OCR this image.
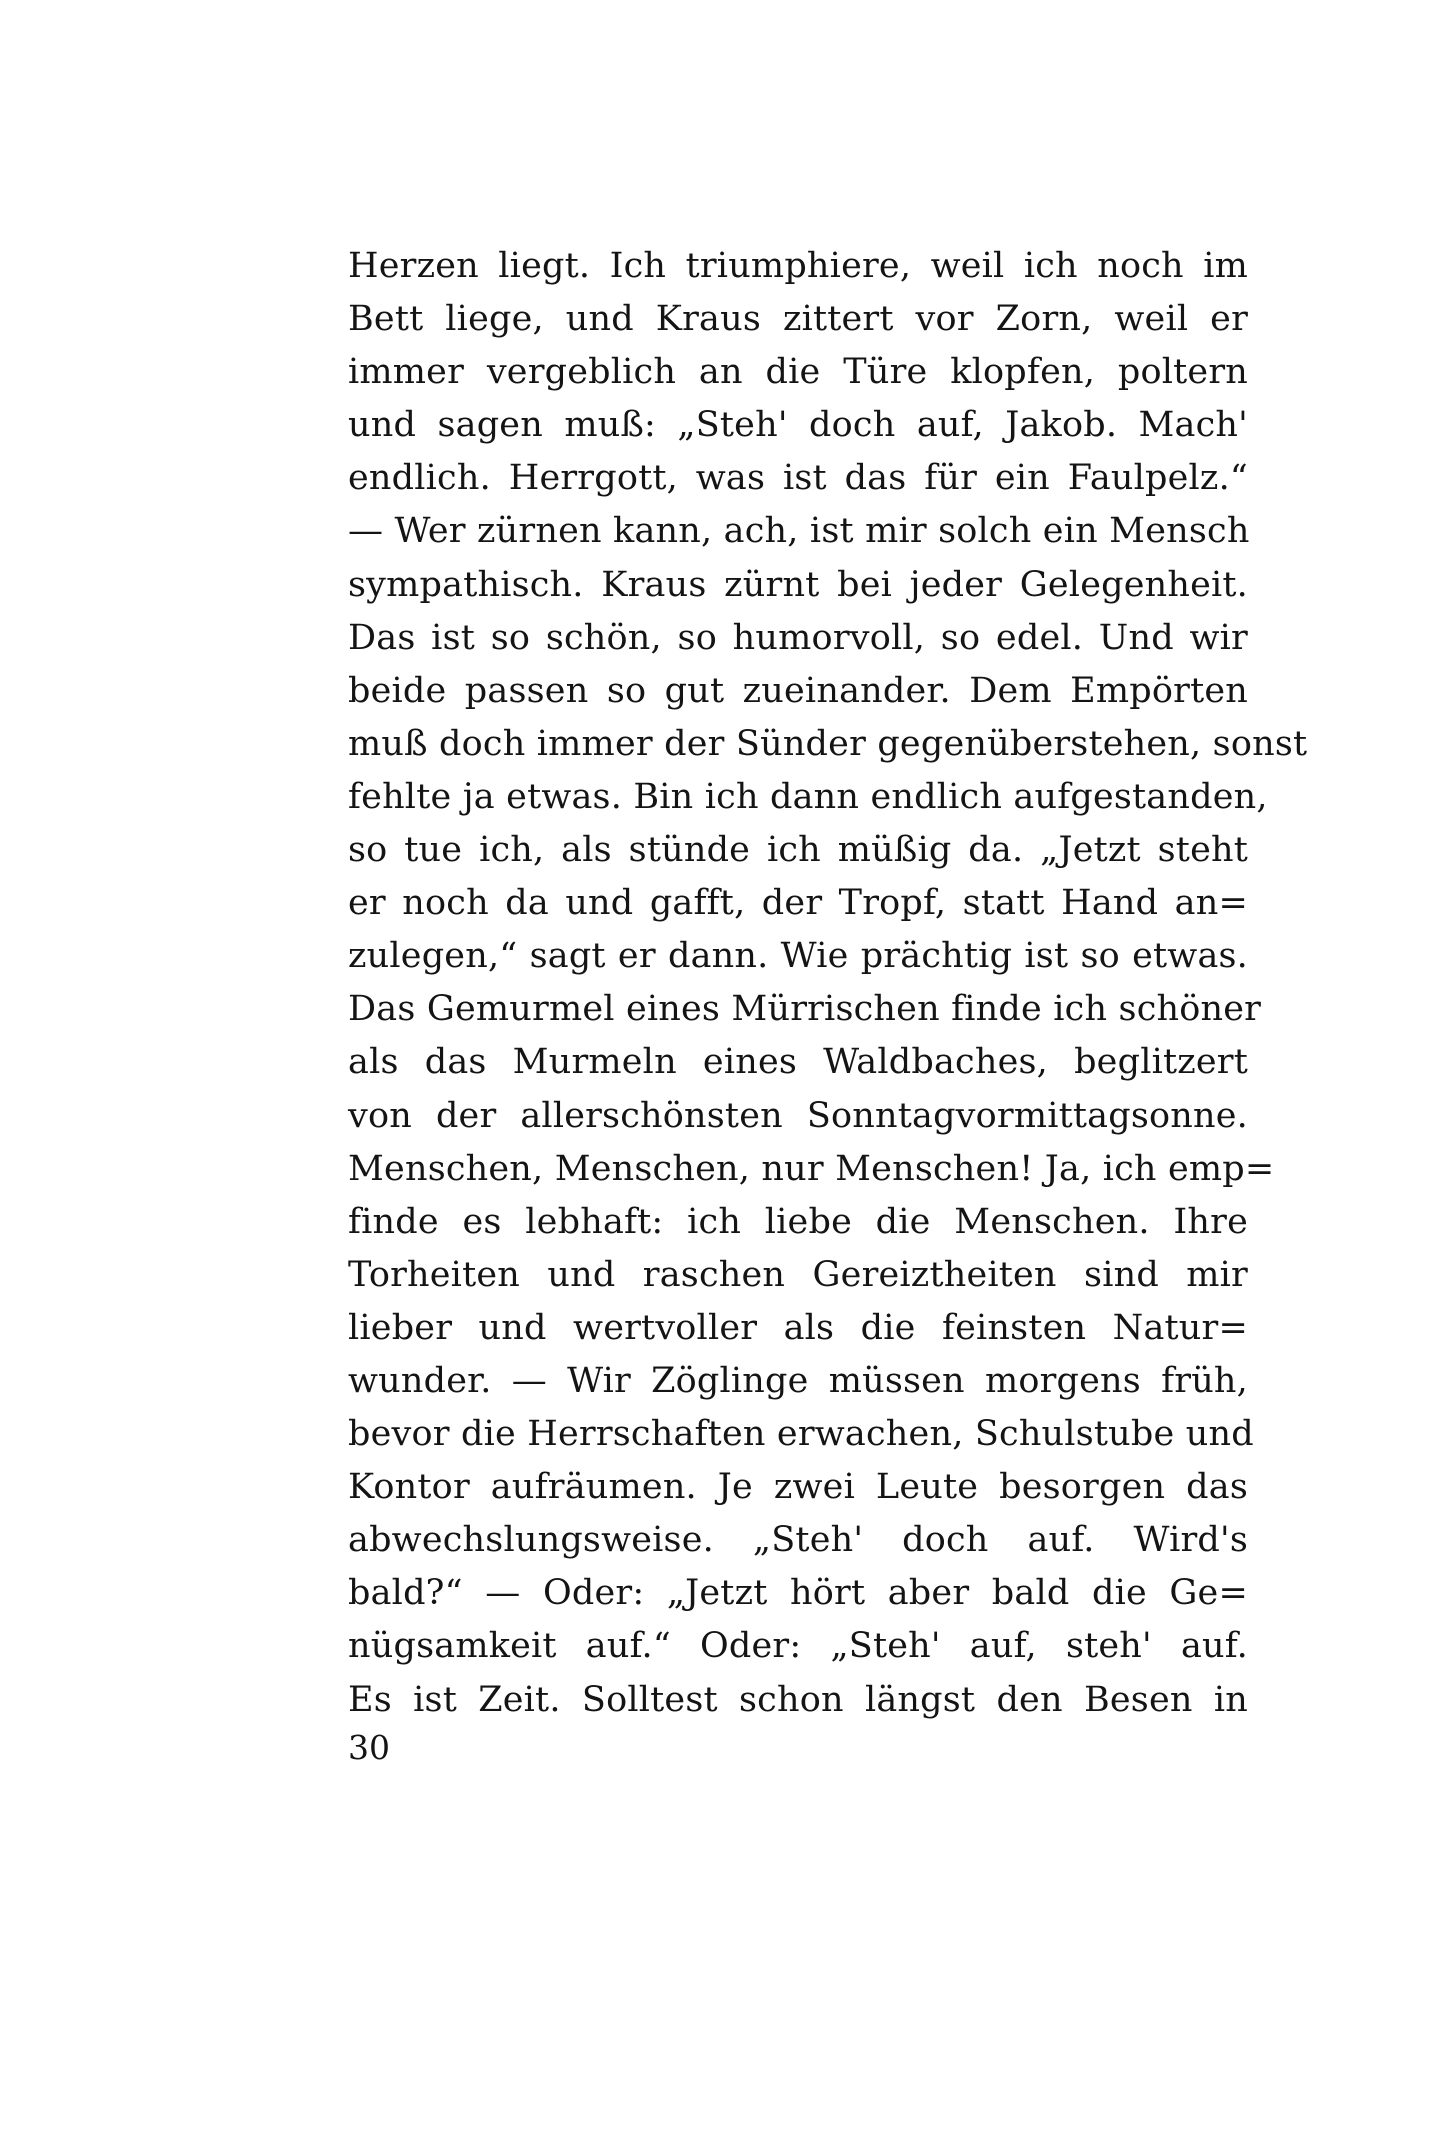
Herzen liegt. Ich triumphiere, weil ich noch im
Bett liege, und Kraus zittert vor Zorn, weil er
immer vergeblich an die Türe klopfen, poltern
und sagen muß: „Steh' doch auf, Jakob. Mach'
endlich. Herrgott, was ist das für ein Faulpelz.“
— Wer zürnen kann, ach, ist mir solch ein Mensch
sympathisch. Kraus zürnt bei jeder Gelegenheit.
Das ist so schön, so humorvoll, so edel. Und wir
beide passen so gut zueinander. Dem Empörten
muß doch immer der Sünder gegenüberstehen, sonst
fehlte ja etwas. Bin ich dann endlich aufgestanden,
so tue ich, als stünde ich müßig da. „Jetzt steht
er noch da und gafft, der Tropf, statt Hand an=
zulegen,“ sagt er dann. Wie prächtig ist so etwas.
Das Gemurmel eines Mürrischen finde ich schöner
als das Murmeln eines Waldbaches, beglitzert
von der allerschönsten Sonntagvormittagsonne.
Menschen, Menschen, nur Menschen! Ja, ich emp=
finde es lebhaft: ich liebe die Menschen. Ihre
Torheiten und raschen Gereiztheiten sind mir
lieber und wertvoller als die feinsten Natur=
wunder. — Wir Zöglinge müssen morgens früh,
bevor die Herrschaften erwachen, Schulstube und
Kontor aufräumen. Je zwei Leute besorgen das
abwechslungsweise. „Steh' doch auf. Wird's
bald?“ — Oder: „Jetzt hört aber bald die Ge=
nügsamkeit auf.“ Oder: „Steh' auf, steh' auf.
Es ist Zeit. Solltest schon längst den Besen in
30
